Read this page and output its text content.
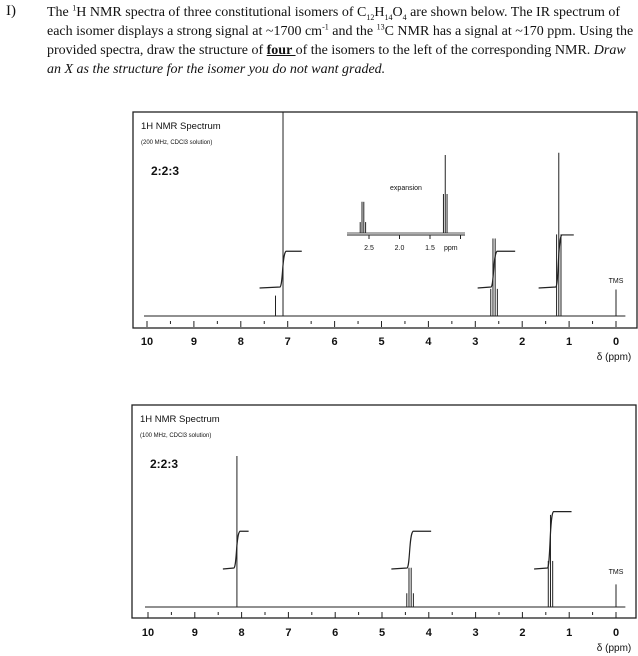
I) The $^1$H NMR spectra of three constitutional isomers of $C_{12}H_{14}O_4$ are shown below. The IR spectrum of each isomer displays a strong signal at ~1700 $cm^{-1}$ and the $^{13}$C NMR has a signal at ~170 ppm. Using the provided spectra, draw the structure of four of the isomers to the left of the corresponding NMR. Draw an X as the structure for the isomer you do not want graded.
10	9	8	7	6	5	4	3	2	1	0
δ (ppm)
1H NMR Spectrum
(200 MHz, CDCl3 solution)
2:2:3
TMS
2.5	2.0	1.5 ppm
expansion
10	9	8	7	6	5	4	3	2	1	0
δ (ppm)
1H NMR Spectrum
(100 MHz, CDCl3 solution)
2:2:3
TMS
